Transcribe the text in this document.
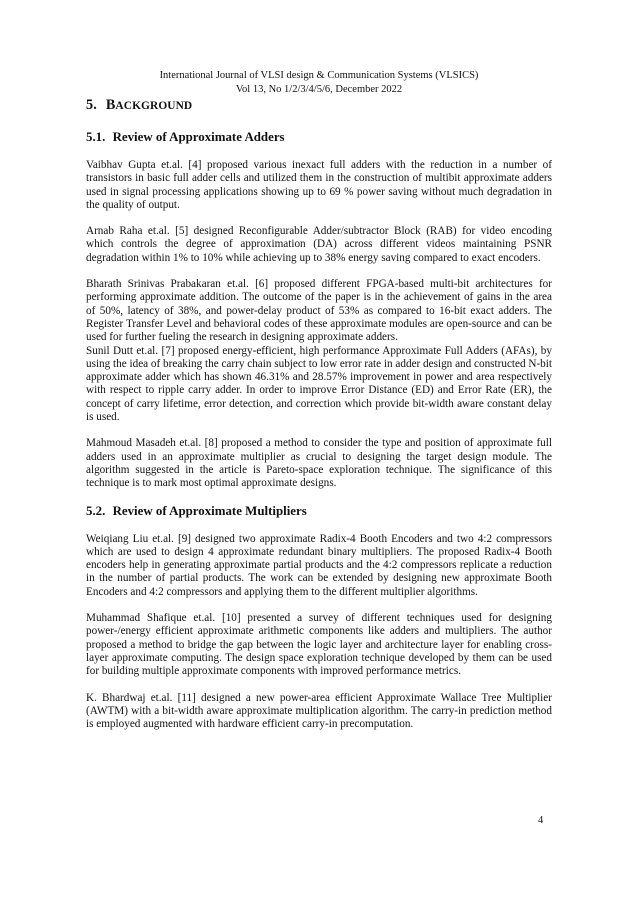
International Journal of VLSI design & Communication Systems (VLSICS)
Vol 13, No 1/2/3/4/5/6, December 2022
5. BACKGROUND
5.1. Review of Approximate Adders

Vaibhav Gupta et.al. [4] proposed various inexact full adders with the reduction in a number of transistors in basic full adder cells and utilized them in the construction of multibit approximate adders used in signal processing applications showing up to 69 % power saving without much degradation in the quality of output.

Arnab Raha et.al. [5] designed Reconfigurable Adder/subtractor Block (RAB) for video encoding which controls the degree of approximation (DA) across different videos maintaining PSNR degradation within 1% to 10% while achieving up to 38% energy saving compared to exact encoders.

Bharath Srinivas Prabakaran et.al. [6] proposed different FPGA-based multi-bit architectures for performing approximate addition. The outcome of the paper is in the achievement of gains in the area of 50%, latency of 38%, and power-delay product of 53% as compared to 16-bit exact adders. The Register Transfer Level and behavioral codes of these approximate modules are open-source and can be used for further fueling the research in designing approximate adders.

Sunil Dutt et.al. [7] proposed energy-efficient, high performance Approximate Full Adders (AFAs), by using the idea of breaking the carry chain subject to low error rate in adder design and constructed N-bit approximate adder which has shown 46.31% and 28.57% improvement in power and area respectively with respect to ripple carry adder. In order to improve Error Distance (ED) and Error Rate (ER), the concept of carry lifetime, error detection, and correction which provide bit-width aware constant delay is used.

Mahmoud Masadeh et.al. [8] proposed a method to consider the type and position of approximate full adders used in an approximate multiplier as crucial to designing the target design module. The algorithm suggested in the article is Pareto-space exploration technique. The significance of this technique is to mark most optimal approximate designs.

5.2. Review of Approximate Multipliers

Weiqiang Liu et.al. [9] designed two approximate Radix-4 Booth Encoders and two 4:2 compressors which are used to design 4 approximate redundant binary multipliers. The proposed Radix-4 Booth encoders help in generating approximate partial products and the 4:2 compressors replicate a reduction in the number of partial products. The work can be extended by designing new approximate Booth Encoders and 4:2 compressors and applying them to the different multiplier algorithms.

Muhammad Shafique et.al. [10] presented a survey of different techniques used for designing power-/energy efficient approximate arithmetic components like adders and multipliers. The author proposed a method to bridge the gap between the logic layer and architecture layer for enabling cross-layer approximate computing. The design space exploration technique developed by them can be used for building multiple approximate components with improved performance metrics.

K. Bhardwaj et.al. [11] designed a new power-area efficient Approximate Wallace Tree Multiplier (AWTM) with a bit-width aware approximate multiplication algorithm. The carry-in prediction method is employed augmented with hardware efficient carry-in precomputation.

4
